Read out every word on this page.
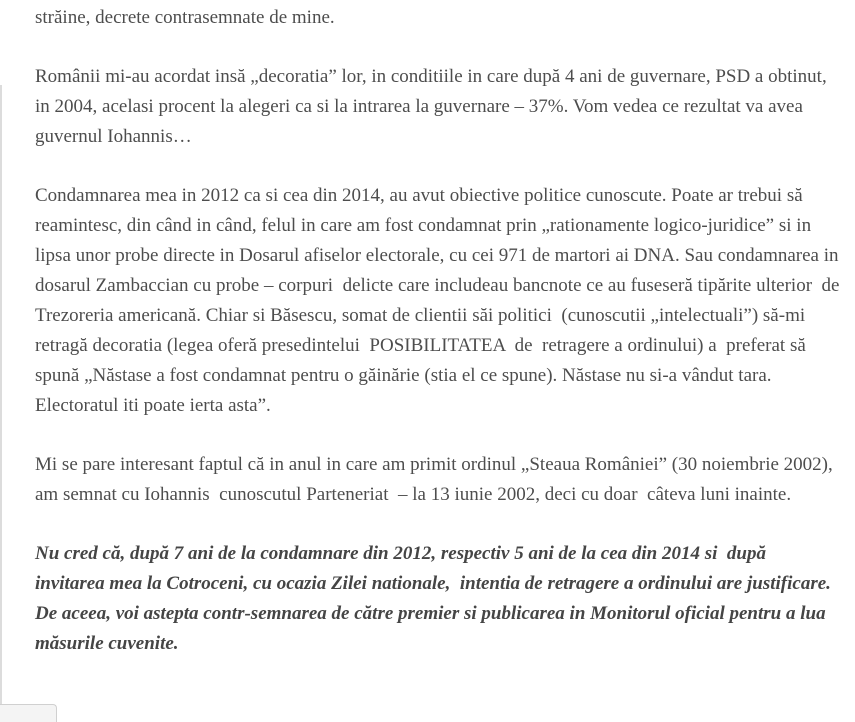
străine, decrete contrasemnate de mine.

Românii mi-au acordat insă „decoratia” lor, in conditiile in care după 4 ani de guvernare, PSD a obtinut, in 2004, acelasi procent la alegeri ca si la intrarea la guvernare – 37%. Vom vedea ce rezultat va avea guvernul Iohannis…

Condamnarea mea in 2012 ca si cea din 2014, au avut obiective politice cunoscute. Poate ar trebui să reamintesc, din când in când, felul in care am fost condamnat prin „rationamente logico-juridice” si in lipsa unor probe directe in Dosarul afiselor electorale, cu cei 971 de martori ai DNA. Sau condamnarea in dosarul Zambaccian cu probe – corpuri  delicte care includeau bancnote ce au fuseseră tipărite ulterior  de Trezoreria americană. Chiar si Băsescu, somat de clientii săi politici  (cunoscutii „intelectuali”) să-mi retragă decoratia (legea oferă presedintelui  POSIBILITATEA  de  retragere a ordinului) a  preferat să spună „Năstase a fost condamnat pentru o găinărie (stia el ce spune). Năstase nu si-a vândut tara. Electoratul iti poate ierta asta”.

Mi se pare interesant faptul că in anul in care am primit ordinul „Steaua României” (30 noiembrie 2002), am semnat cu Iohannis  cunoscutul Parteneriat  – la 13 iunie 2002, deci cu doar  câteva luni inainte.

Nu cred că, după 7 ani de la condamnare din 2012, respectiv 5 ani de la cea din 2014 si  după invitarea mea la Cotroceni, cu ocazia Zilei nationale,  intentia de retragere a ordinului are justificare. De aceea, voi astepta contr-semnarea de către premier si publicarea in Monitorul oficial pentru a lua măsurile cuvenite.
